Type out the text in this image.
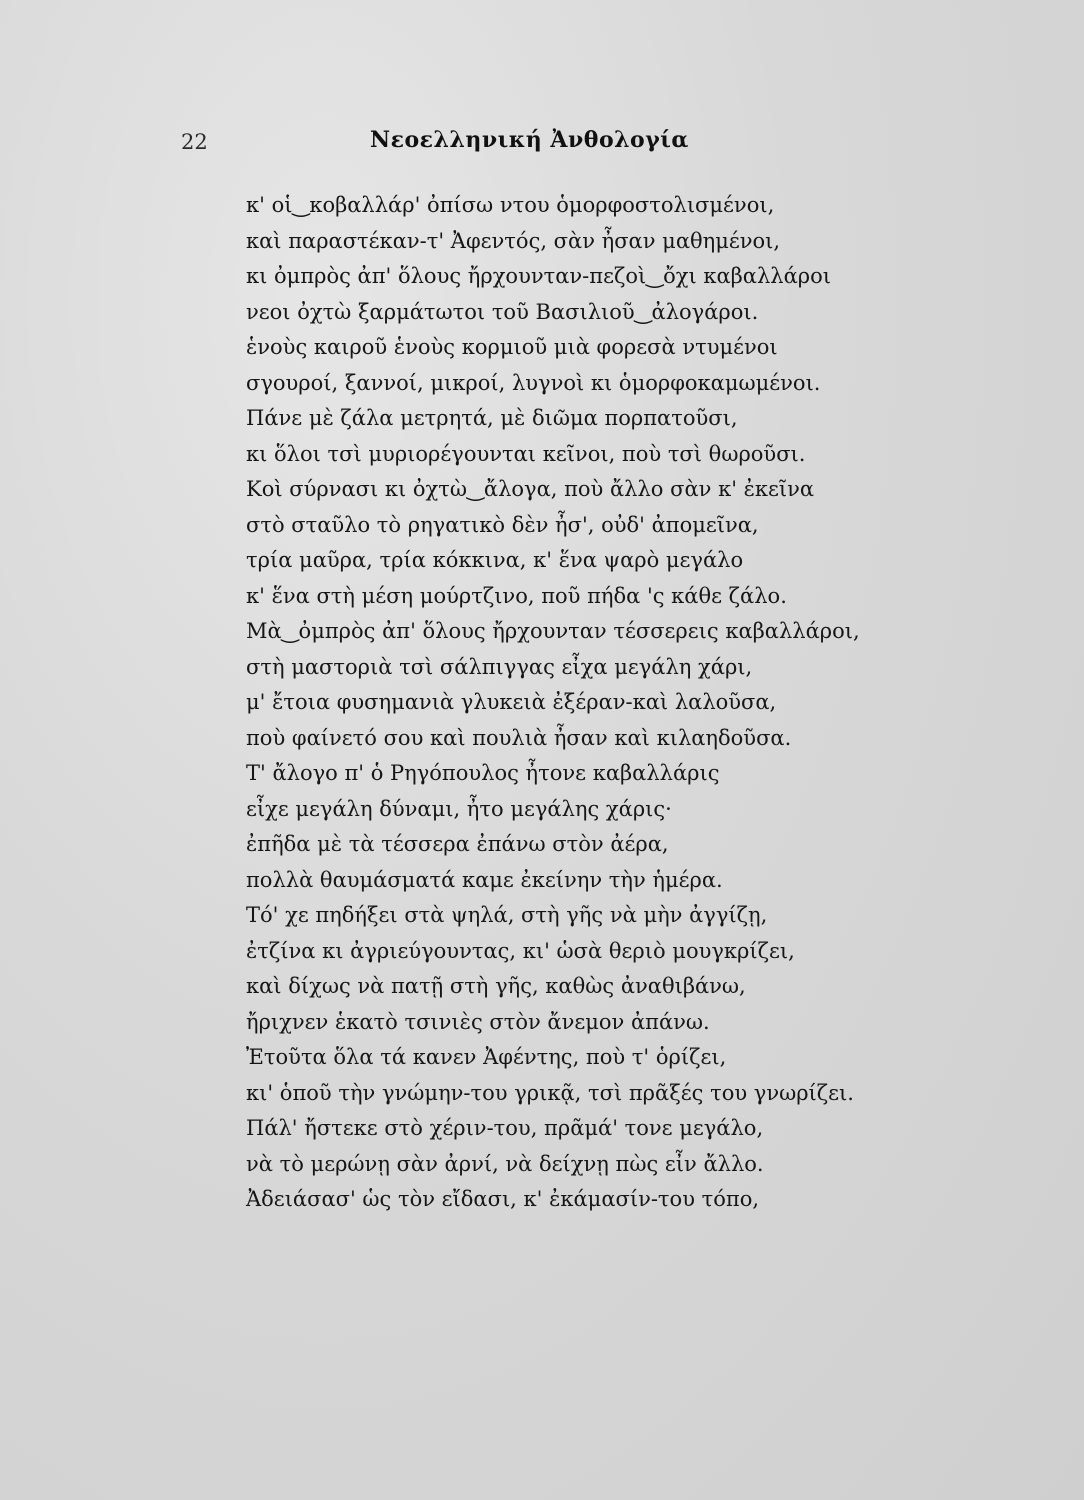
22	Νεοελληνική Ἀνθολογία
κ' οἱ‿κοβαλλάρ' ὀπίσω ντου ὁμορφοστολισμένοι,
καὶ παραστέκαν-τ' Ἀφεντός, σὰν ἦσαν μαθημένοι,
κι ὀμπρὸς ἀπ' ὅλους ἤρχουνταν-πεζοὶ‿ὄχι καβαλλάροι
νεοι ὀχτὼ ξαρμάτωτοι τοῦ Βασιλιοῦ‿ἀλογάροι.
ἑνοὺς καιροῦ ἑνοὺς κορμιοῦ μιὰ φορεσὰ ντυμένοι
σγουροί, ξαννοί, μικροί, λυγνοὶ κι ὁμορφοκαμωμένοι.
Πάνε μὲ ζάλα μετρητά, μὲ διῶμα πορπατοῦσι,
κι ὅλοι τσὶ μυριορέγουνται κεῖνοι, ποὺ τσὶ θωροῦσι.
Κοὶ σύρνασι κι ὀχτὼ‿ἄλογα, ποὺ ἄλλο σὰν κ' ἐκεῖνα
στὸ σταῦλο τὸ ρηγατικὸ δὲν ἦσ', οὐδ' ἀπομεῖνα,
τρία μαῦρα, τρία κόκκινα, κ' ἕνα ψαρὸ μεγάλο
κ' ἕνα στὴ μέση μούρτζινο, ποῦ πήδα 'ς κάθε ζάλο.
Μὰ‿ὀμπρὸς ἀπ' ὅλους ἤρχουνταν τέσσερεις καβαλλάροι,
στὴ μαστοριὰ τσὶ σάλπιγγας εἶχα μεγάλη χάρι,
μ' ἔτοια φυσημανιὰ γλυκειὰ ἐξέραν-καὶ λαλοῦσα,
ποὺ φαίνετό σου καὶ πουλιὰ ἦσαν καὶ κιλαηδοῦσα.
Τ' ἄλογο π' ὁ Ρηγόπουλος ἦτονε καβαλλάρις
εἶχε μεγάλη δύναμι, ἦτο μεγάλης χάρις·
ἐπῆδα μὲ τὰ τέσσερα ἐπάνω στὸν ἀέρα,
πολλὰ θαυμάσματά καμε ἐκείνην τὴν ἡμέρα.
Τό' χε πηδήξει στὰ ψηλά, στὴ γῆς νὰ μὴν ἀγγίζῃ,
ἐτζίνα κι ἀγριεύγουντας, κι' ὡσὰ θεριὸ μουγκρίζει,
καὶ δίχως νὰ πατῇ στὴ γῆς, καθὼς ἀναθιβάνω,
ἤριχνεν ἑκατὸ τσινιὲς στὸν ἄνεμον ἀπάνω.
Ἐτοῦτα ὅλα τά κανεν Ἀφέντης, ποὺ τ' ὁρίζει,
κι' ὁποῦ τὴν γνώμην-του γρικᾷ, τσὶ πρᾶξές του γνωρίζει.
Πάλ' ἤστεκε στὸ χέριν-του, πρᾶμά' τονε μεγάλο,
νὰ τὸ μερώνῃ σὰν ἀρνί, νὰ δείχνῃ πὼς εἶν ἄλλο.
Ἀδειάσασ' ὡς τὸν εἴδασι, κ' ἐκάμασίν-του τόπο,
